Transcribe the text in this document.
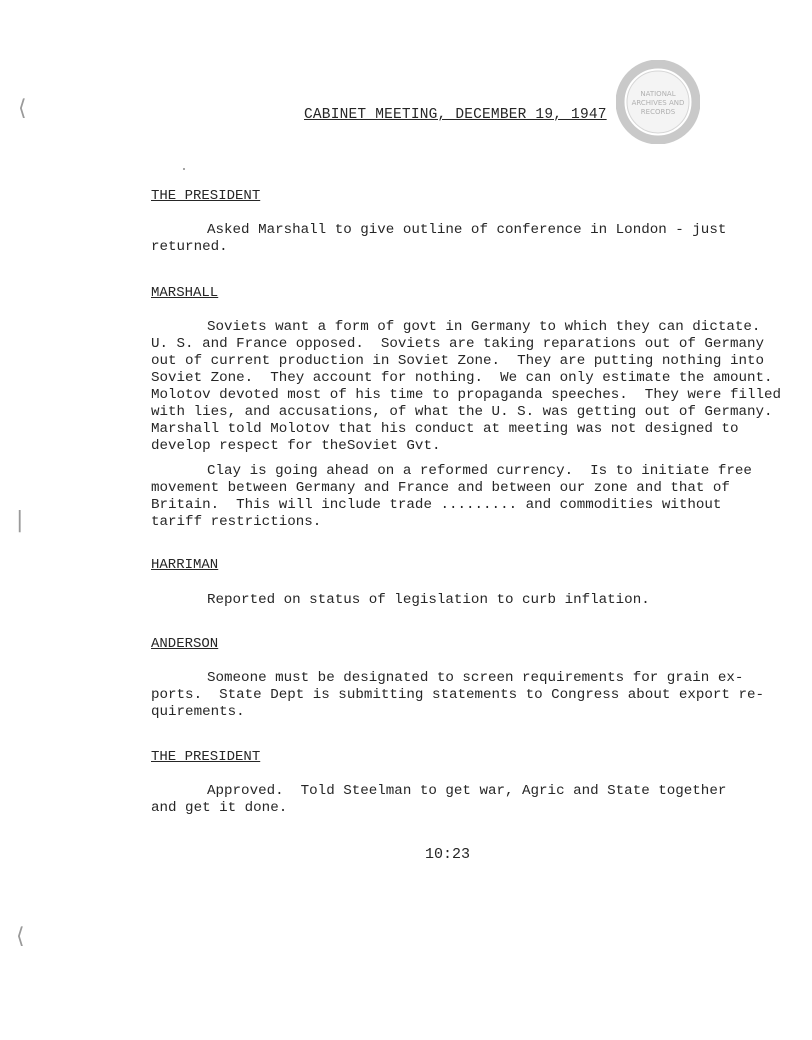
NATIONAL
ARCHIVES AND
RECORDS
⟨
|
⟨
CABINET MEETING, DECEMBER 19, 1947
THE PRESIDENT
Asked Marshall to give outline of conference in London - just
returned.
MARSHALL
Soviets want a form of govt in Germany to which they can dictate.
U. S. and France opposed.  Soviets are taking reparations out of Germany
out of current production in Soviet Zone.  They are putting nothing into
Soviet Zone.  They account for nothing.  We can only estimate the amount.
Molotov devoted most of his time to propaganda speeches.  They were filled
with lies, and accusations, of what the U. S. was getting out of Germany.
Marshall told Molotov that his conduct at meeting was not designed to
develop respect for theSoviet Gvt.
Clay is going ahead on a reformed currency.  Is to initiate free
movement between Germany and France and between our zone and that of
Britain.  This will include trade ......... and commodities without
tariff restrictions.
HARRIMAN
Reported on status of legislation to curb inflation.
ANDERSON
Someone must be designated to screen requirements for grain ex-
ports.  State Dept is submitting statements to Congress about export re-
quirements.
THE PRESIDENT
Approved.  Told Steelman to get war, Agric and State together
and get it done.
10:23
